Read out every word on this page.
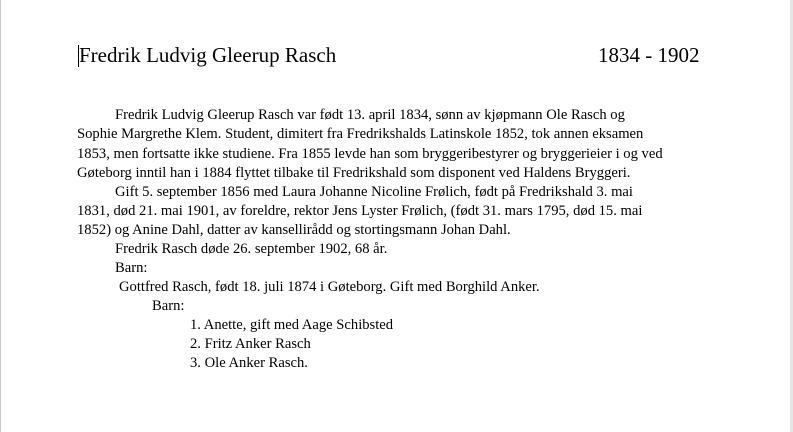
Fredrik Ludvig Gleerup Rasch	1834 - 1902
Fredrik Ludvig Gleerup Rasch var født 13. april 1834, sønn av kjøpmann Ole Rasch og
Sophie Margrethe Klem. Student, dimitert fra Fredrikshalds Latinskole 1852, tok annen eksamen
1853, men fortsatte ikke studiene. Fra 1855 levde han som bryggeribestyrer og bryggerieier i og ved
Gøteborg inntil han i 1884 flyttet tilbake til Fredrikshald som disponent ved Haldens Bryggeri.
Gift 5. september 1856 med Laura Johanne Nicoline Frølich, født på Fredrikshald 3. mai
1831, død 21. mai 1901, av foreldre, rektor Jens Lyster Frølich, (født 31. mars 1795, død 15. mai
1852) og Anine Dahl, datter av kansellirådd og stortingsmann Johan Dahl.
Fredrik Rasch døde 26. september 1902, 68 år.
Barn:
Gottfred Rasch, født 18. juli 1874 i Gøteborg. Gift med Borghild Anker.
Barn:
1. Anette, gift med Aage Schibsted
2. Fritz Anker Rasch
3. Ole Anker Rasch.
